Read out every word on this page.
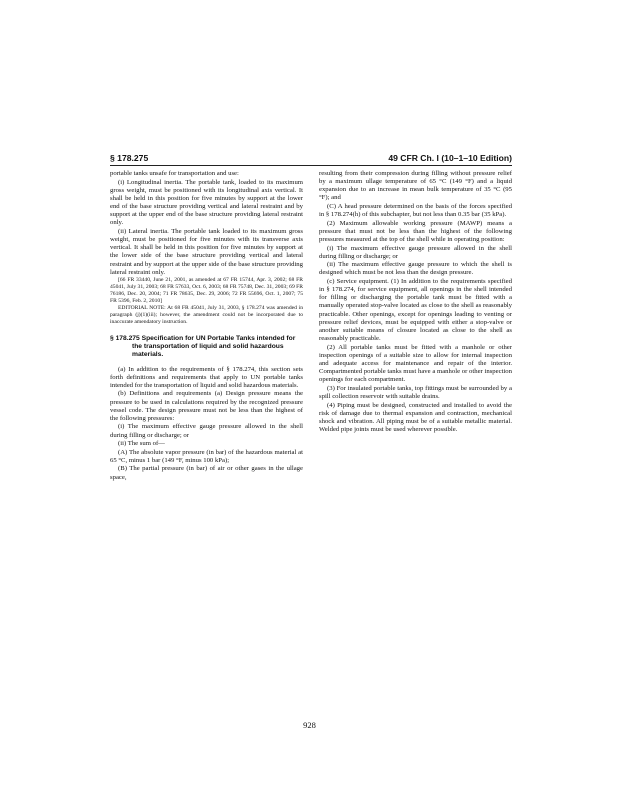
§ 178.275	49 CFR Ch. I (10–1–10 Edition)

portable tanks unsafe for transportation and use:

(i) Longitudinal inertia. The portable tank, loaded to its maximum gross weight, must be positioned with its longitudinal axis vertical. It shall be held in this position for five minutes by support at the lower end of the base structure providing vertical and lateral restraint and by support at the upper end of the base structure providing lateral restraint only.

(ii) Lateral inertia. The portable tank loaded to its maximum gross weight, must be positioned for five minutes with its transverse axis vertical. It shall be held in this position for five minutes by support at the lower side of the base structure providing vertical and lateral restraint and by support at the upper side of the base structure providing lateral restraint only.

[66 FR 33440, June 21, 2001, as amended at 67 FR 15744, Apr. 3, 2002; 68 FR 45041, July 31, 2003; 68 FR 57633, Oct. 6, 2003; 68 FR 75748, Dec. 31, 2003; 69 FR 76186, Dec. 20, 2004; 71 FR 78635, Dec. 29, 2006; 72 FR 55696, Oct. 1, 2007; 75 FR 5396, Feb. 2, 2010]

EDITORIAL NOTE: At 68 FR 45041, July 31, 2003, § 178.274 was amended in paragraph (j)(1)(iii); however, the amendment could not be incorporated due to inaccurate amendatory instruction.

§ 178.275 Specification for UN Portable Tanks intended for the transportation of liquid and solid hazardous materials.

(a) In addition to the requirements of § 178.274, this section sets forth definitions and requirements that apply to UN portable tanks intended for the transportation of liquid and solid hazardous materials.

(b) Definitions and requirements (a) Design pressure means the pressure to be used in calculations required by the recognized pressure vessel code. The design pressure must not be less than the highest of the following pressures:

(i) The maximum effective gauge pressure allowed in the shell during filling or discharge; or

(ii) The sum of—

(A) The absolute vapor pressure (in bar) of the hazardous material at 65 °C, minus 1 bar (149 °F, minus 100 kPa);

(B) The partial pressure (in bar) of air or other gases in the ullage space,

resulting from their compression during filling without pressure relief by a maximum ullage temperature of 65 °C (149 °F) and a liquid expansion due to an increase in mean bulk temperature of 35 °C (95 °F); and

(C) A head pressure determined on the basis of the forces specified in § 178.274(h) of this subchapter, but not less than 0.35 bar (35 kPa).

(2) Maximum allowable working pressure (MAWP) means a pressure that must not be less than the highest of the following pressures measured at the top of the shell while in operating position:

(i) The maximum effective gauge pressure allowed in the shell during filling or discharge; or

(ii) The maximum effective gauge pressure to which the shell is designed which must be not less than the design pressure.

(c) Service equipment. (1) In addition to the requirements specified in § 178.274, for service equipment, all openings in the shell intended for filling or discharging the portable tank must be fitted with a manually operated stop-valve located as close to the shell as reasonably practicable. Other openings, except for openings leading to venting or pressure relief devices, must be equipped with either a stop-valve or another suitable means of closure located as close to the shell as reasonably practicable.

(2) All portable tanks must be fitted with a manhole or other inspection openings of a suitable size to allow for internal inspection and adequate access for maintenance and repair of the interior. Compartmented portable tanks must have a manhole or other inspection openings for each compartment.

(3) For insulated portable tanks, top fittings must be surrounded by a spill collection reservoir with suitable drains.

(4) Piping must be designed, constructed and installed to avoid the risk of damage due to thermal expansion and contraction, mechanical shock and vibration. All piping must be of a suitable metallic material. Welded pipe joints must be used wherever possible.

928
